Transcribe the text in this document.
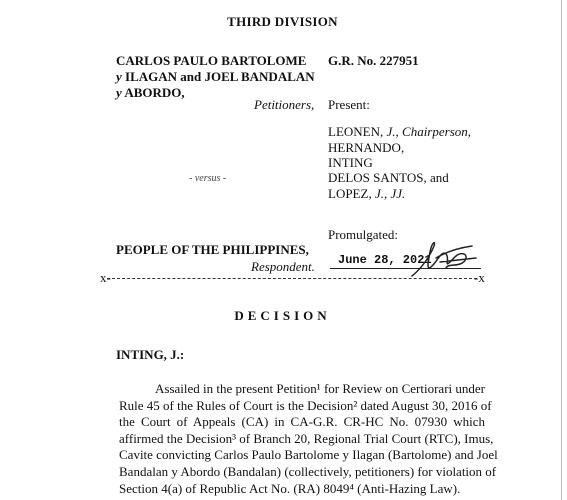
THIRD DIVISION
CARLOS PAULO BARTOLOME
y ILAGAN and JOEL BANDALAN
y ABORDO,
Petitioners,
- versus -
PEOPLE OF THE PHILIPPINES,
Respondent.
G.R. No. 227951
Present:
LEONEN, J., Chairperson,
HERNANDO,
INTING
DELOS SANTOS, and
LOPEZ, J., JJ.
Promulgated:
June 28, 2021
x-	-x
DECISION
INTING, J.:
Assailed in the present Petition¹ for Review on Certiorari under
Rule 45 of the Rules of Court is the Decision² dated August 30, 2016 of
the Court of Appeals (CA) in CA-G.R. CR-HC No. 07930 which
affirmed the Decision³ of Branch 20, Regional Trial Court (RTC), Imus,
Cavite convicting Carlos Paulo Bartolome y Ilagan (Bartolome) and Joel
Bandalan y Abordo (Bandalan) (collectively, petitioners) for violation of
Section 4(a) of Republic Act No. (RA) 8049⁴ (Anti-Hazing Law).
